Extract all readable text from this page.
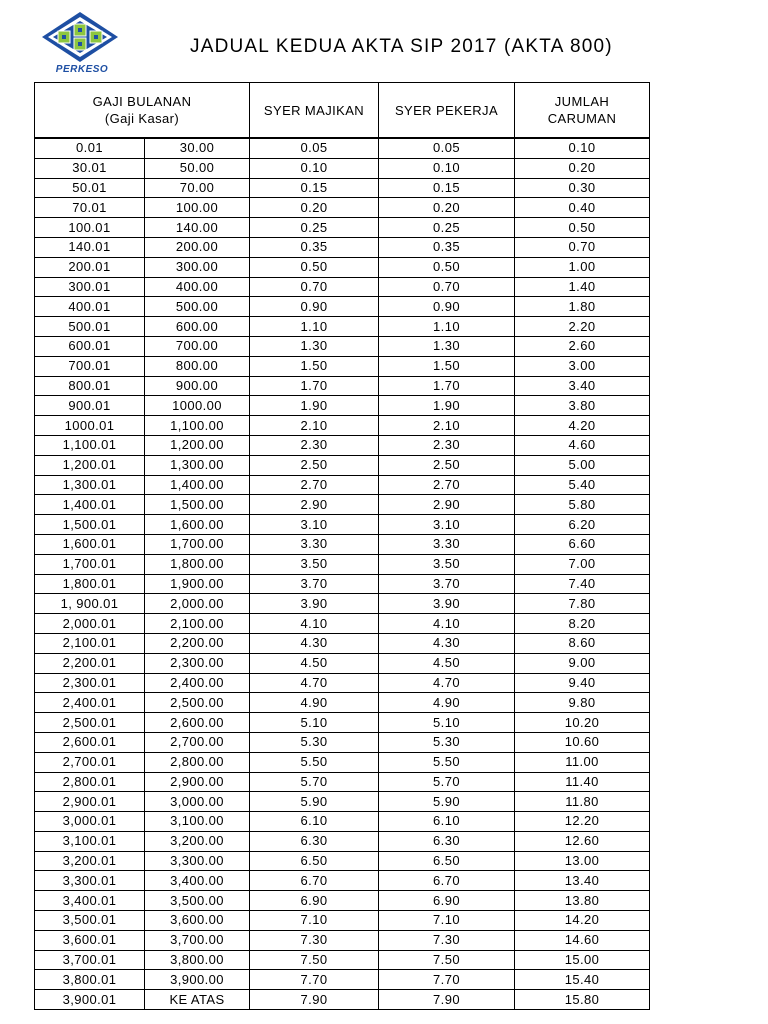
PERKESO
JADUAL KEDUA AKTA SIP 2017 (AKTA 800)
GAJI BULANAN
(Gaji Kasar)		SYER MAJIKAN	SYER PEKERJA	JUMLAH
CARUMAN
0.01	30.00	0.05	0.05	0.10
30.01	50.00	0.10	0.10	0.20
50.01	70.00	0.15	0.15	0.30
70.01	100.00	0.20	0.20	0.40
100.01	140.00	0.25	0.25	0.50
140.01	200.00	0.35	0.35	0.70
200.01	300.00	0.50	0.50	1.00
300.01	400.00	0.70	0.70	1.40
400.01	500.00	0.90	0.90	1.80
500.01	600.00	1.10	1.10	2.20
600.01	700.00	1.30	1.30	2.60
700.01	800.00	1.50	1.50	3.00
800.01	900.00	1.70	1.70	3.40
900.01	1000.00	1.90	1.90	3.80
1000.01	1,100.00	2.10	2.10	4.20
1,100.01	1,200.00	2.30	2.30	4.60
1,200.01	1,300.00	2.50	2.50	5.00
1,300.01	1,400.00	2.70	2.70	5.40
1,400.01	1,500.00	2.90	2.90	5.80
1,500.01	1,600.00	3.10	3.10	6.20
1,600.01	1,700.00	3.30	3.30	6.60
1,700.01	1,800.00	3.50	3.50	7.00
1,800.01	1,900.00	3.70	3.70	7.40
1, 900.01	2,000.00	3.90	3.90	7.80
2,000.01	2,100.00	4.10	4.10	8.20
2,100.01	2,200.00	4.30	4.30	8.60
2,200.01	2,300.00	4.50	4.50	9.00
2,300.01	2,400.00	4.70	4.70	9.40
2,400.01	2,500.00	4.90	4.90	9.80
2,500.01	2,600.00	5.10	5.10	10.20
2,600.01	2,700.00	5.30	5.30	10.60
2,700.01	2,800.00	5.50	5.50	11.00
2,800.01	2,900.00	5.70	5.70	11.40
2,900.01	3,000.00	5.90	5.90	11.80
3,000.01	3,100.00	6.10	6.10	12.20
3,100.01	3,200.00	6.30	6.30	12.60
3,200.01	3,300.00	6.50	6.50	13.00
3,300.01	3,400.00	6.70	6.70	13.40
3,400.01	3,500.00	6.90	6.90	13.80
3,500.01	3,600.00	7.10	7.10	14.20
3,600.01	3,700.00	7.30	7.30	14.60
3,700.01	3,800.00	7.50	7.50	15.00
3,800.01	3,900.00	7.70	7.70	15.40
3,900.01	KE ATAS	7.90	7.90	15.80
